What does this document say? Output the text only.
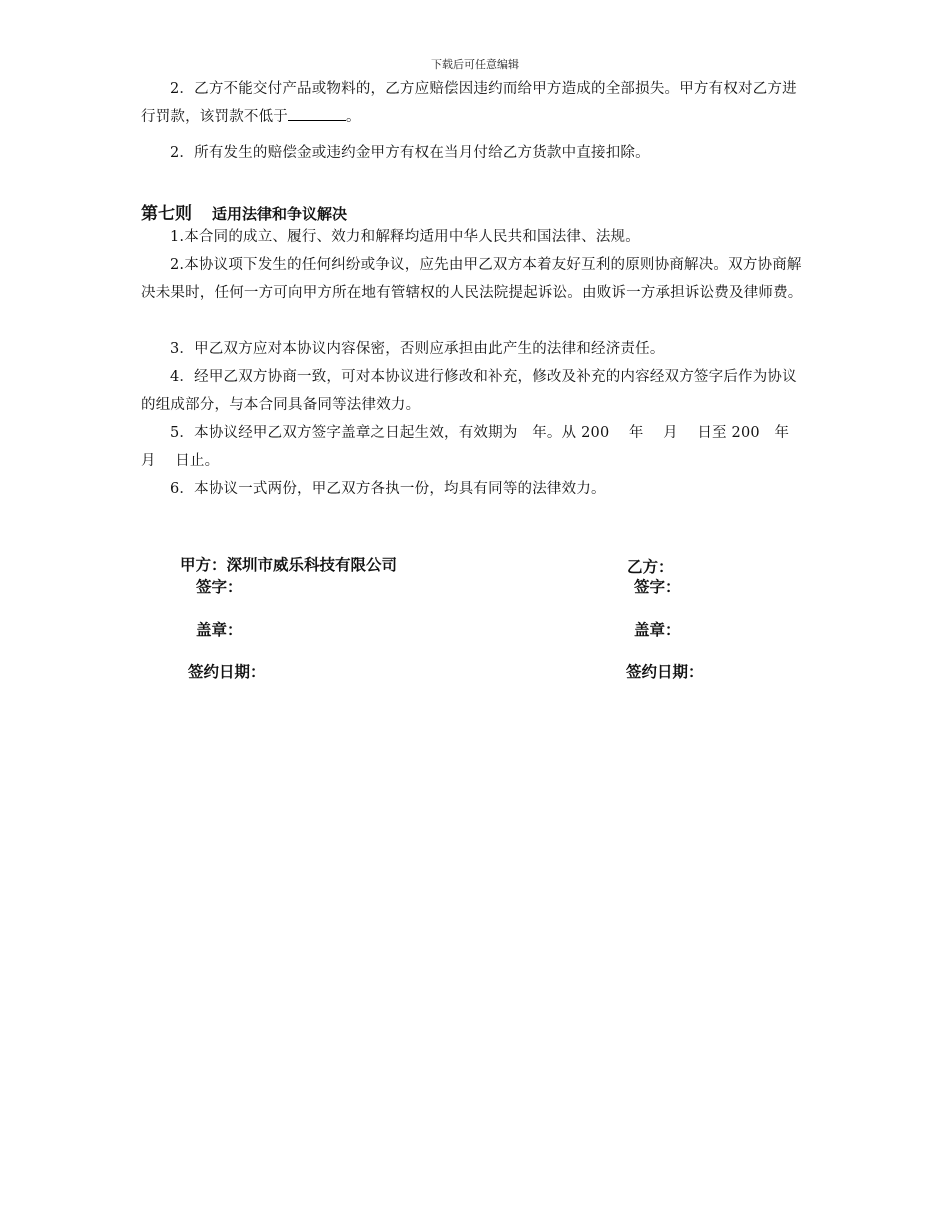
下载后可任意编辑

2．乙方不能交付产品或物料的，乙方应赔偿因违约而给甲方造成的全部损失。甲方有权对乙方进行罚款，该罚款不低于	。

2．所有发生的赔偿金或违约金甲方有权在当月付给乙方货款中直接扣除。

第七则 适用法律和争议解决

1.本合同的成立、履行、效力和解释均适用中华人民共和国法律、法规。

2.本协议项下发生的任何纠纷或争议，应先由甲乙双方本着友好互利的原则协商解决。双方协商解决未果时，任何一方可向甲方所在地有管辖权的人民法院提起诉讼。由败诉一方承担诉讼费及律师费。

3．甲乙双方应对本协议内容保密，否则应承担由此产生的法律和经济责任。

4．经甲乙双方协商一致，可对本协议进行修改和补充，修改及补充的内容经双方签字后作为协议的组成部分，与本合同具备同等法律效力。

5．本协议经甲乙双方签字盖章之日起生效，有效期为　年。从 200　 年　 月　 日至 200　年　 月　 日止。

6．本协议一式两份，甲乙双方各执一份，均具有同等的法律效力。

甲方：深圳市威乐科技有限公司
签字：
盖章：
签约日期：
乙方：
签字：
盖章：
签约日期：
